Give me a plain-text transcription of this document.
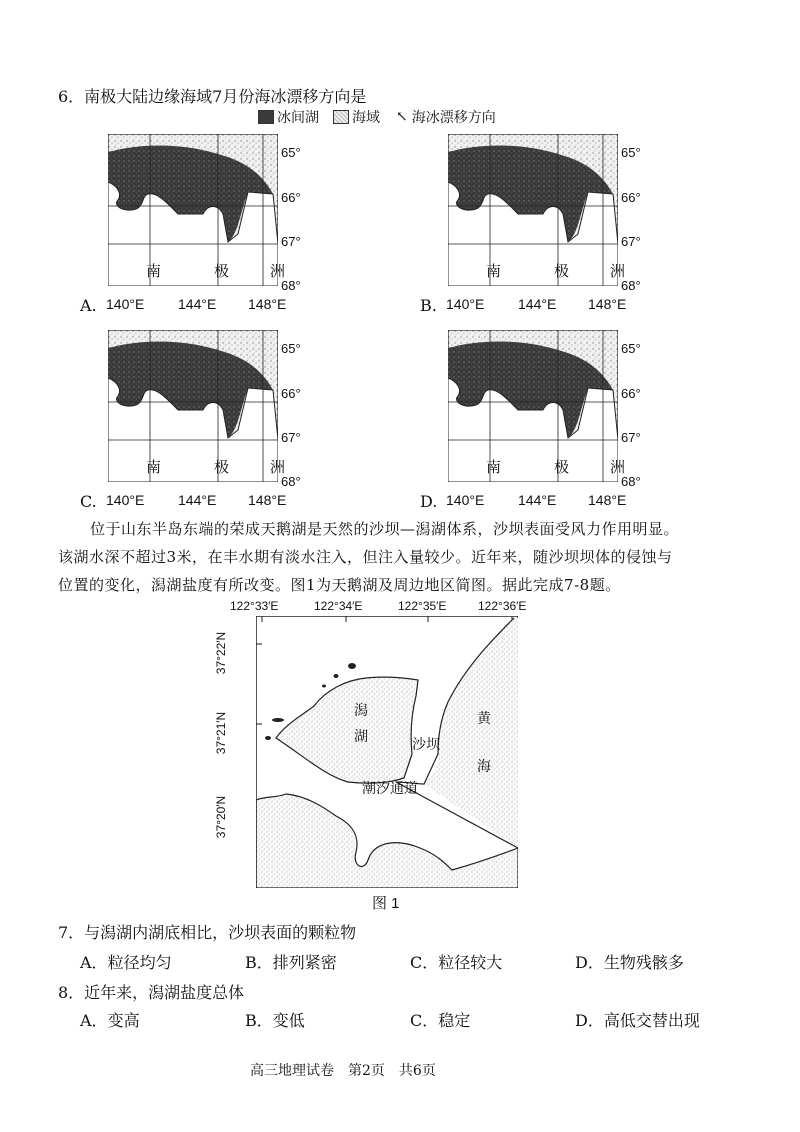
6．南极大陆边缘海域7月份海冰漂移方向是
冰间湖 海域 ↖ 海冰漂移方向
65°
66°
67°
68°
南	极	洲
A. 140°E 144°E 148°E
65°
66°
67°
68°
南	极	洲
B. 140°E 144°E 148°E
65°
66°
67°
68°
南	极	洲
C. 140°E 144°E 148°E
65°
66°
67°
68°
南	极	洲
D. 140°E 144°E 148°E
位于山东半岛东端的荣成天鹅湖是天然的沙坝—潟湖体系，沙坝表面受风力作用明显。
该湖水深不超过3米，在丰水期有淡水注入，但注入量较少。近年来，随沙坝坝体的侵蚀与
位置的变化，潟湖盐度有所改变。图1为天鹅湖及周边地区简图。据此完成7-8题。
122°33′E	122°34′E	122°35′E	122°36′E
37°22′N
37°21′N
37°20′N
潟
湖	沙坝
黄
海
潮汐通道
图 1
7．与潟湖内湖底相比，沙坝表面的颗粒物
A．粒径均匀	B．排列紧密	C．粒径较大	D．生物残骸多
8．近年来，潟湖盐度总体
A．变高	B．变低	C．稳定	D．高低交替出现
高三地理试卷　第2页　共6页
